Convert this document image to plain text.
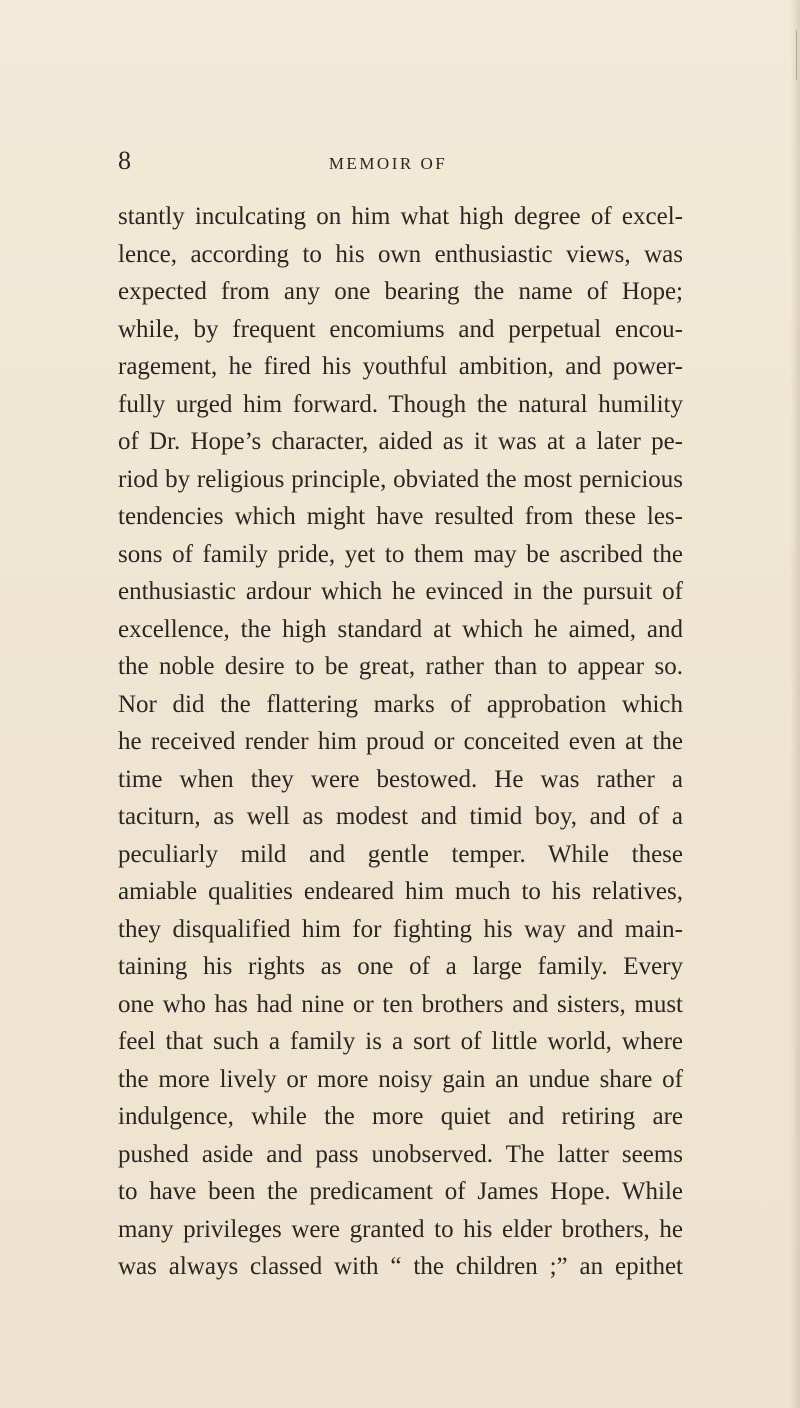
8	MEMOIR OF
stantly inculcating on him what high degree of excel-
lence, according to his own enthusiastic views, was
expected from any one bearing the name of Hope;
while, by frequent encomiums and perpetual encou-
ragement, he fired his youthful ambition, and power-
fully urged him forward. Though the natural humility
of Dr. Hope’s character, aided as it was at a later pe-
riod by religious principle, obviated the most pernicious
tendencies which might have resulted from these les-
sons of family pride, yet to them may be ascribed the
enthusiastic ardour which he evinced in the pursuit of
excellence, the high standard at which he aimed, and
the noble desire to be great, rather than to appear so.
Nor did the flattering marks of approbation which
he received render him proud or conceited even at the
time when they were bestowed. He was rather a
taciturn, as well as modest and timid boy, and of a
peculiarly mild and gentle temper. While these
amiable qualities endeared him much to his relatives,
they disqualified him for fighting his way and main-
taining his rights as one of a large family. Every
one who has had nine or ten brothers and sisters, must
feel that such a family is a sort of little world, where
the more lively or more noisy gain an undue share of
indulgence, while the more quiet and retiring are
pushed aside and pass unobserved. The latter seems
to have been the predicament of James Hope. While
many privileges were granted to his elder brothers, he
was always classed with “ the children ;” an epithet
